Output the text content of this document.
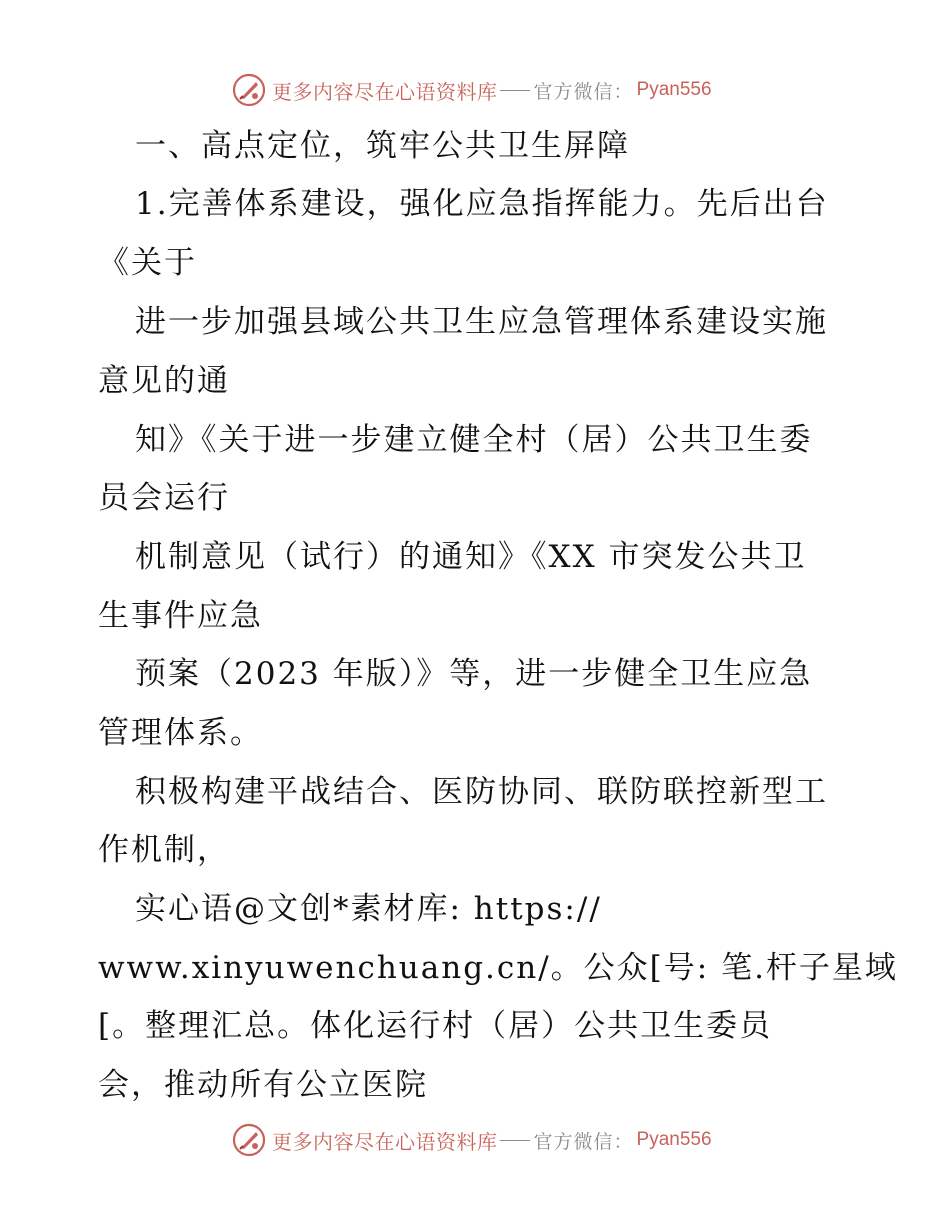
更多内容尽在心语资料库 官方微信 ： Pyan556
一、高点定位，筑牢公共卫生屏障
1.完善体系建设，强化应急指挥能力。先后出台
《关于
进一步加强县域公共卫生应急管理体系建设实施
意见的通
知》《关于进一步建立健全村（居）公共卫生委
员会运行
机制意见（试行）的通知》《XX 市突发公共卫
生事件应急
预案（2023 年版）》等，进一步健全卫生应急
管理体系。
积极构建平战结合、医防协同、联防联控新型工
作机制，
实心语@文创*素材库: https://
www.xinyuwenchuang.cn/。公众[号: 笔.杆子星域
[。整理汇总。体化运行村（居）公共卫生委员
会，推动所有公立医院
更多内容尽在心语资料库 官方微信 ： Pyan556
